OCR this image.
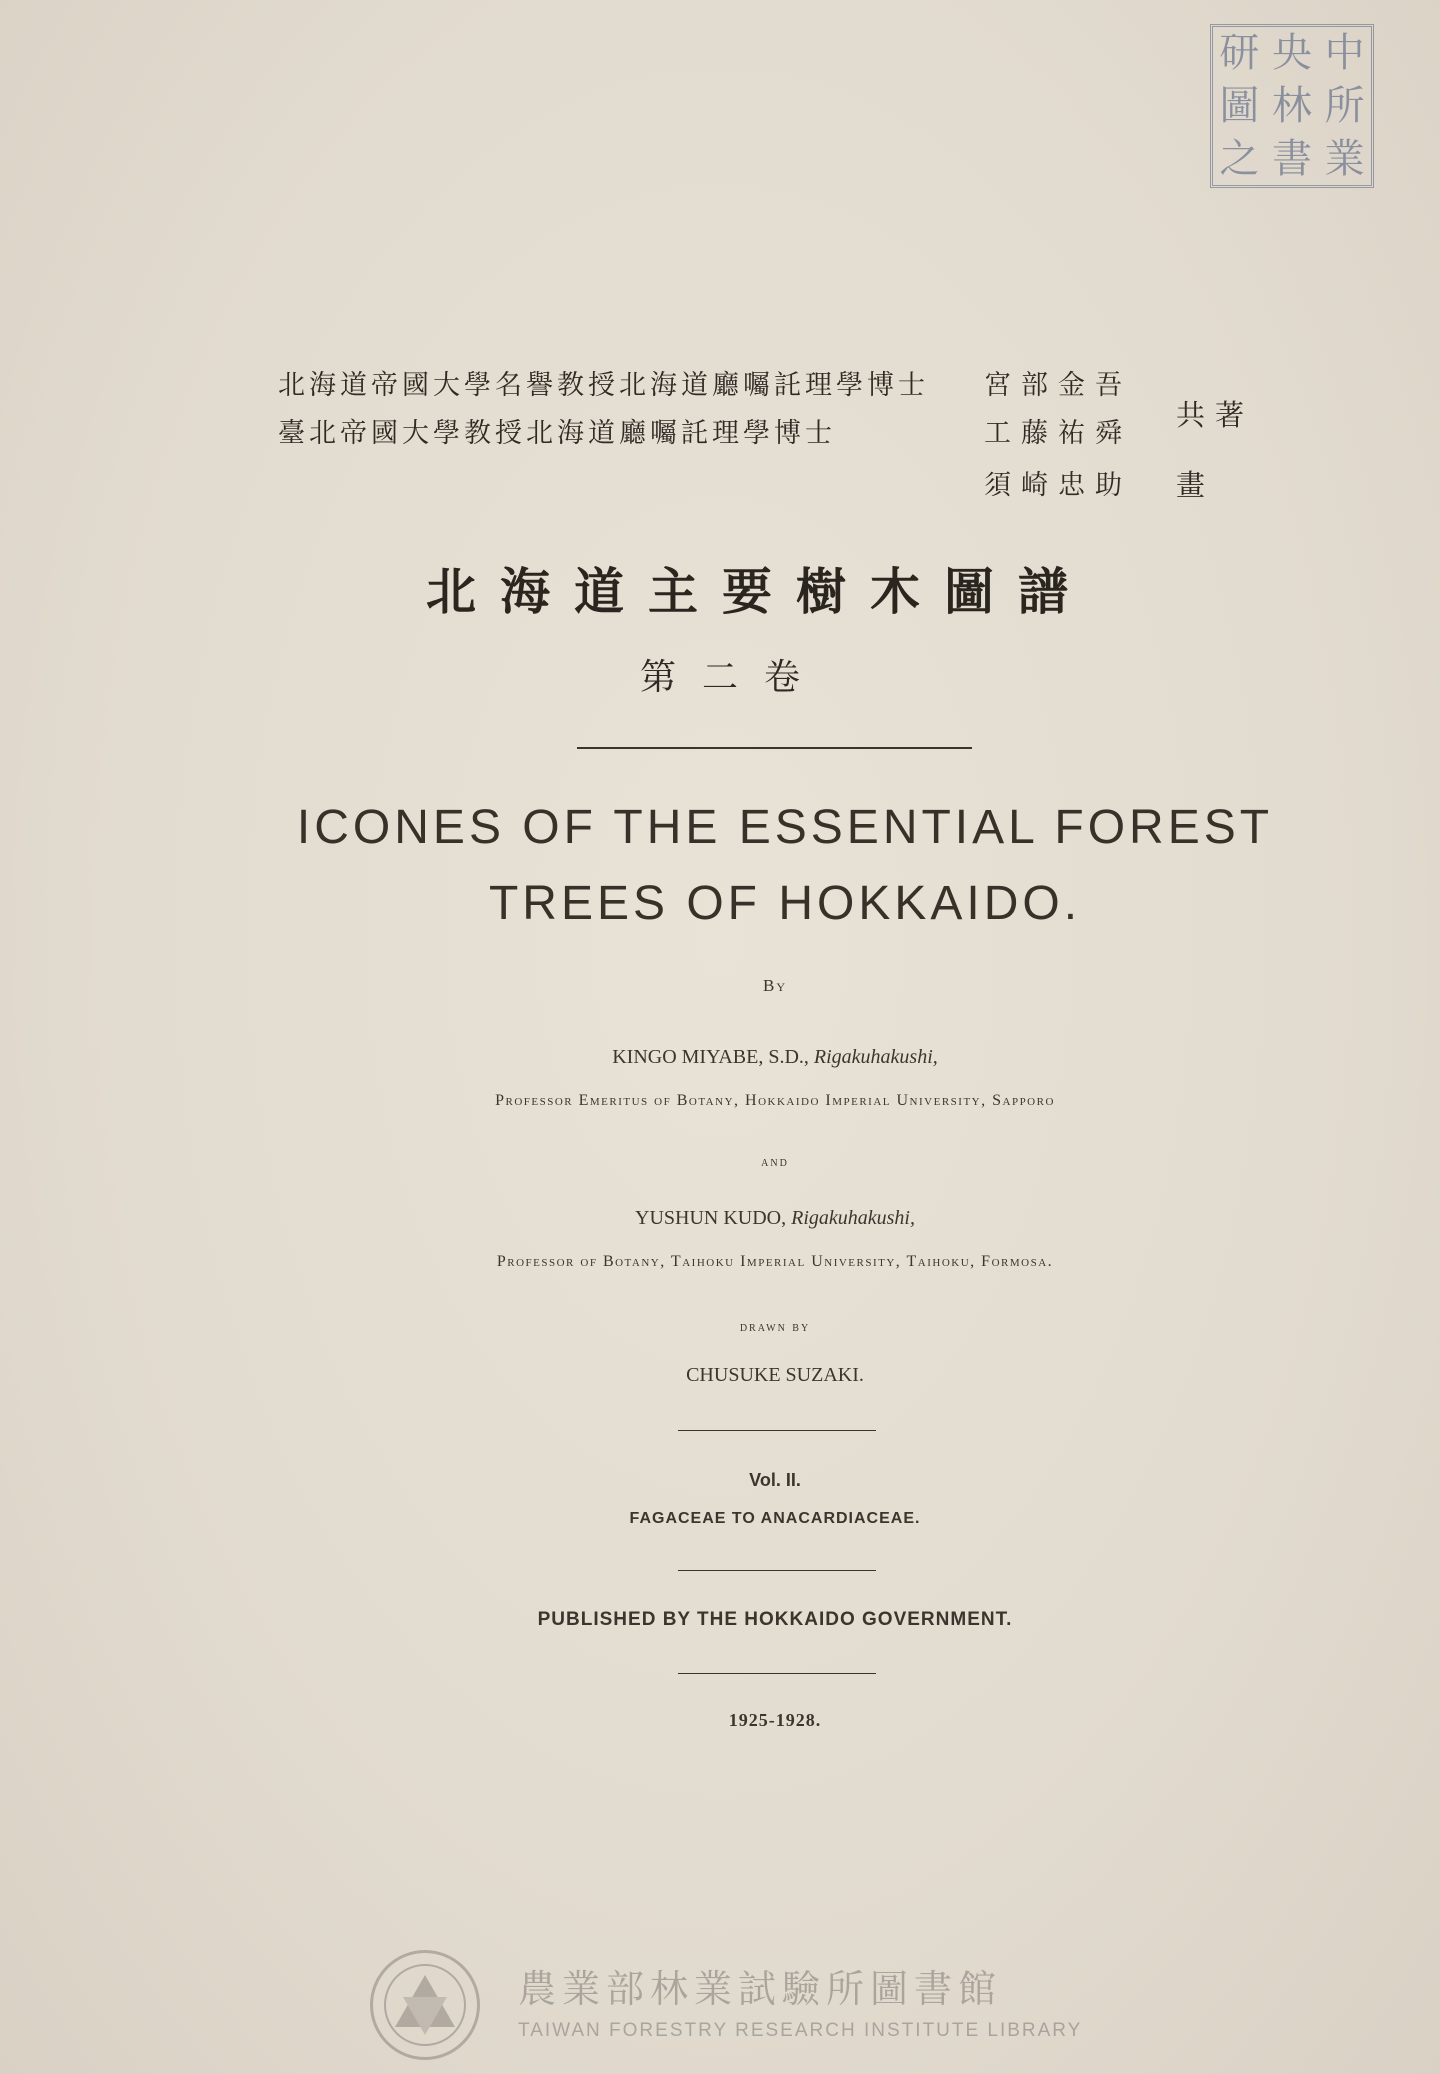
研 央 中
圖 林 所
之 書 業
北海道帝國大學名譽教授北海道廳囑託理學博士 宮部金吾
臺北帝國大學教授北海道廳囑託理學博士	工藤祐舜
須崎忠助
共著
畫
北海道主要樹木圖譜
第二卷
ICONES OF THE ESSENTIAL FOREST
TREES OF HOKKAIDO.
By
KINGO MIYABE, S.D., Rigakuhakushi,
Professor Emeritus of Botany, Hokkaido Imperial University, Sapporo
and
YUSHUN KUDO, Rigakuhakushi,
Professor of Botany, Taihoku Imperial University, Taihoku, Formosa.
drawn by
CHUSUKE SUZAKI.
Vol. II.
FAGACEAE TO ANACARDIACEAE.
PUBLISHED BY THE HOKKAIDO GOVERNMENT.
1925-1928.
農業部林業試驗所圖書館
TAIWAN FORESTRY RESEARCH INSTITUTE LIBRARY
